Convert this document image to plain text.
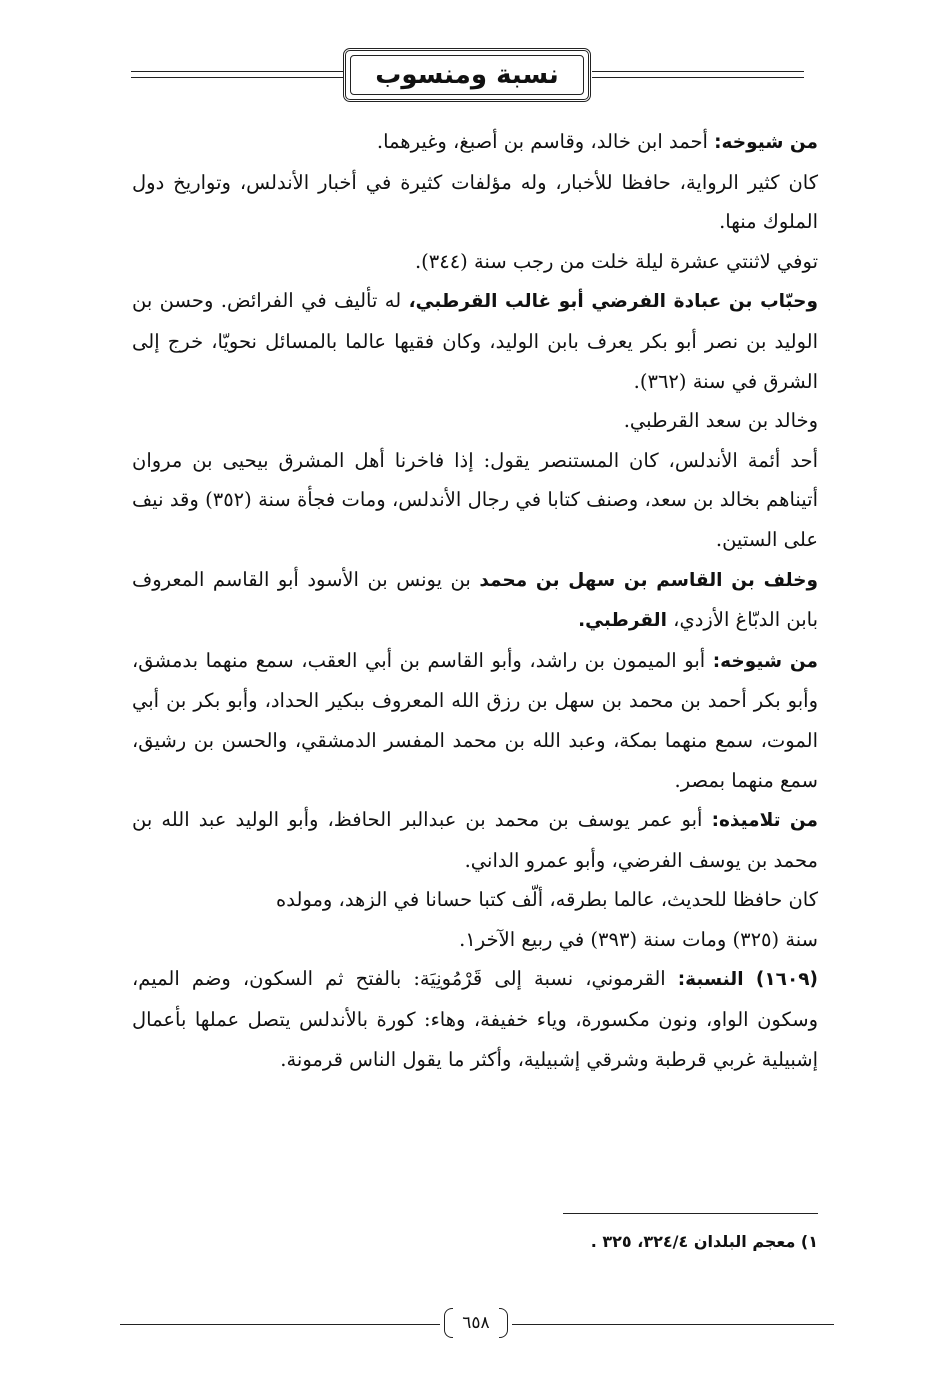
نسبة ومنسوب

من شيوخه: أحمد ابن خالد، وقاسم بن أصبغ، وغيرهما.

كان كثير الرواية، حافظا للأخبار، وله مؤلفات كثيرة في أخبار الأندلس، وتواريخ دول الملوك منها.

توفي لاثنتي عشرة ليلة خلت من رجب سنة (٣٤٤).

وحبّاب بن عبادة الفرضي أبو غالب القرطبي، له تأليف في الفرائض. وحسن بن الوليد بن نصر أبو بكر يعرف بابن الوليد، وكان فقيها عالما بالمسائل نحويّا، خرج إلى الشرق في سنة (٣٦٢).

وخالد بن سعد القرطبي.

أحد أئمة الأندلس، كان المستنصر يقول: إذا فاخرنا أهل المشرق بيحيى بن مروان أتيناهم بخالد بن سعد، وصنف كتابا في رجال الأندلس، ومات فجأة سنة (٣٥٢) وقد نيف على الستين.

وخلف بن القاسم بن سهل بن محمد بن يونس بن الأسود أبو القاسم المعروف بابن الدبّاغ الأزدي، القرطبي.

من شيوخه: أبو الميمون بن راشد، وأبو القاسم بن أبي العقب، سمع منهما بدمشق، وأبو بكر أحمد بن محمد بن سهل بن رزق الله المعروف ببكير الحداد، وأبو بكر بن أبي الموت، سمع منهما بمكة، وعبد الله بن محمد المفسر الدمشقي، والحسن بن رشيق، سمع منهما بمصر.

من تلاميذه: أبو عمر يوسف بن محمد بن عبدالبر الحافظ، وأبو الوليد عبد الله بن محمد بن يوسف الفرضي، وأبو عمرو الداني.

كان حافظا للحديث، عالما بطرقه، ألّف كتبا حسانا في الزهد، ومولده

سنة (٣٢٥) ومات سنة (٣٩٣) في ربيع الآخر١.

(١٦٠٩) النسبة: القرموني، نسبة إلى قَرْمُونِيَة: بالفتح ثم السكون، وضم الميم، وسكون الواو، ونون مكسورة، وياء خفيفة، وهاء: كورة بالأندلس يتصل عملها بأعمال إشبيلية غربي قرطبة وشرقي إشبيلية، وأكثر ما يقول الناس قرمونة.

١) معجم البلدان ٣٢٤/٤، ٣٢٥ .
٦٥٨
